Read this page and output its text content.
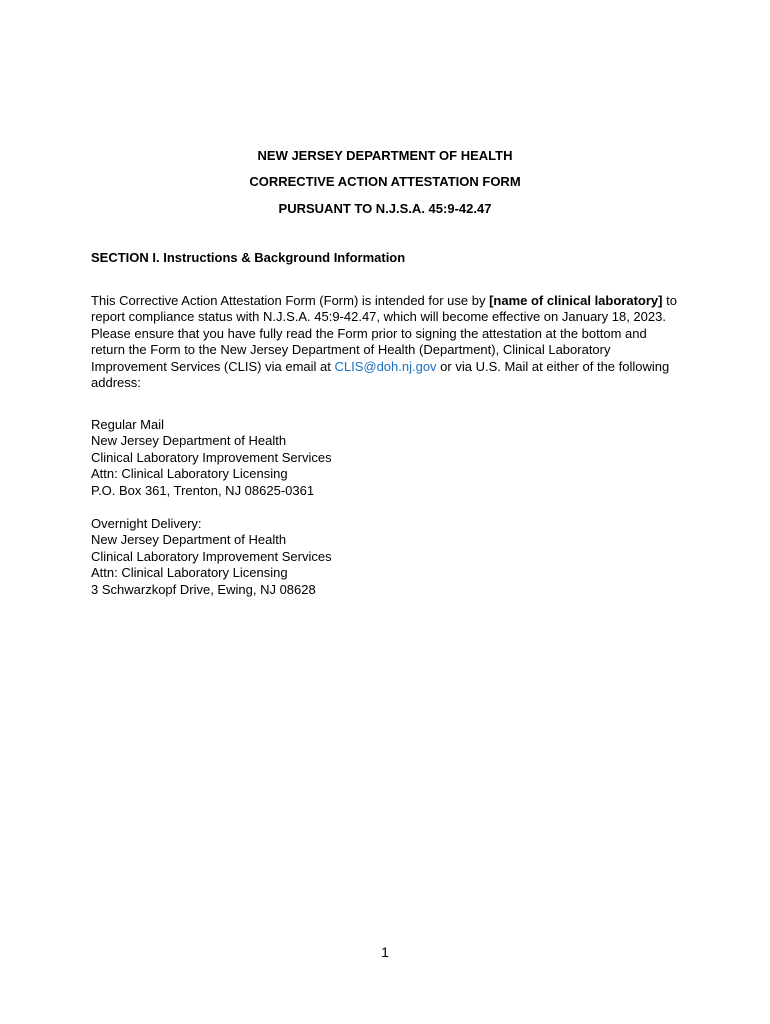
NEW JERSEY DEPARTMENT OF HEALTH
CORRECTIVE ACTION ATTESTATION FORM
PURSUANT TO N.J.S.A. 45:9-42.47
SECTION I. Instructions & Background Information
This Corrective Action Attestation Form (Form) is intended for use by [name of clinical laboratory] to report compliance status with N.J.S.A. 45:9-42.47, which will become effective on January 18, 2023. Please ensure that you have fully read the Form prior to signing the attestation at the bottom and return the Form to the New Jersey Department of Health (Department), Clinical Laboratory Improvement Services (CLIS) via email at CLIS@doh.nj.gov or via U.S. Mail at either of the following address:
Regular Mail
New Jersey Department of Health
Clinical Laboratory Improvement Services
Attn: Clinical Laboratory Licensing
P.O. Box 361, Trenton, NJ 08625-0361
Overnight Delivery:
New Jersey Department of Health
Clinical Laboratory Improvement Services
Attn: Clinical Laboratory Licensing
3 Schwarzkopf Drive, Ewing, NJ 08628
1
